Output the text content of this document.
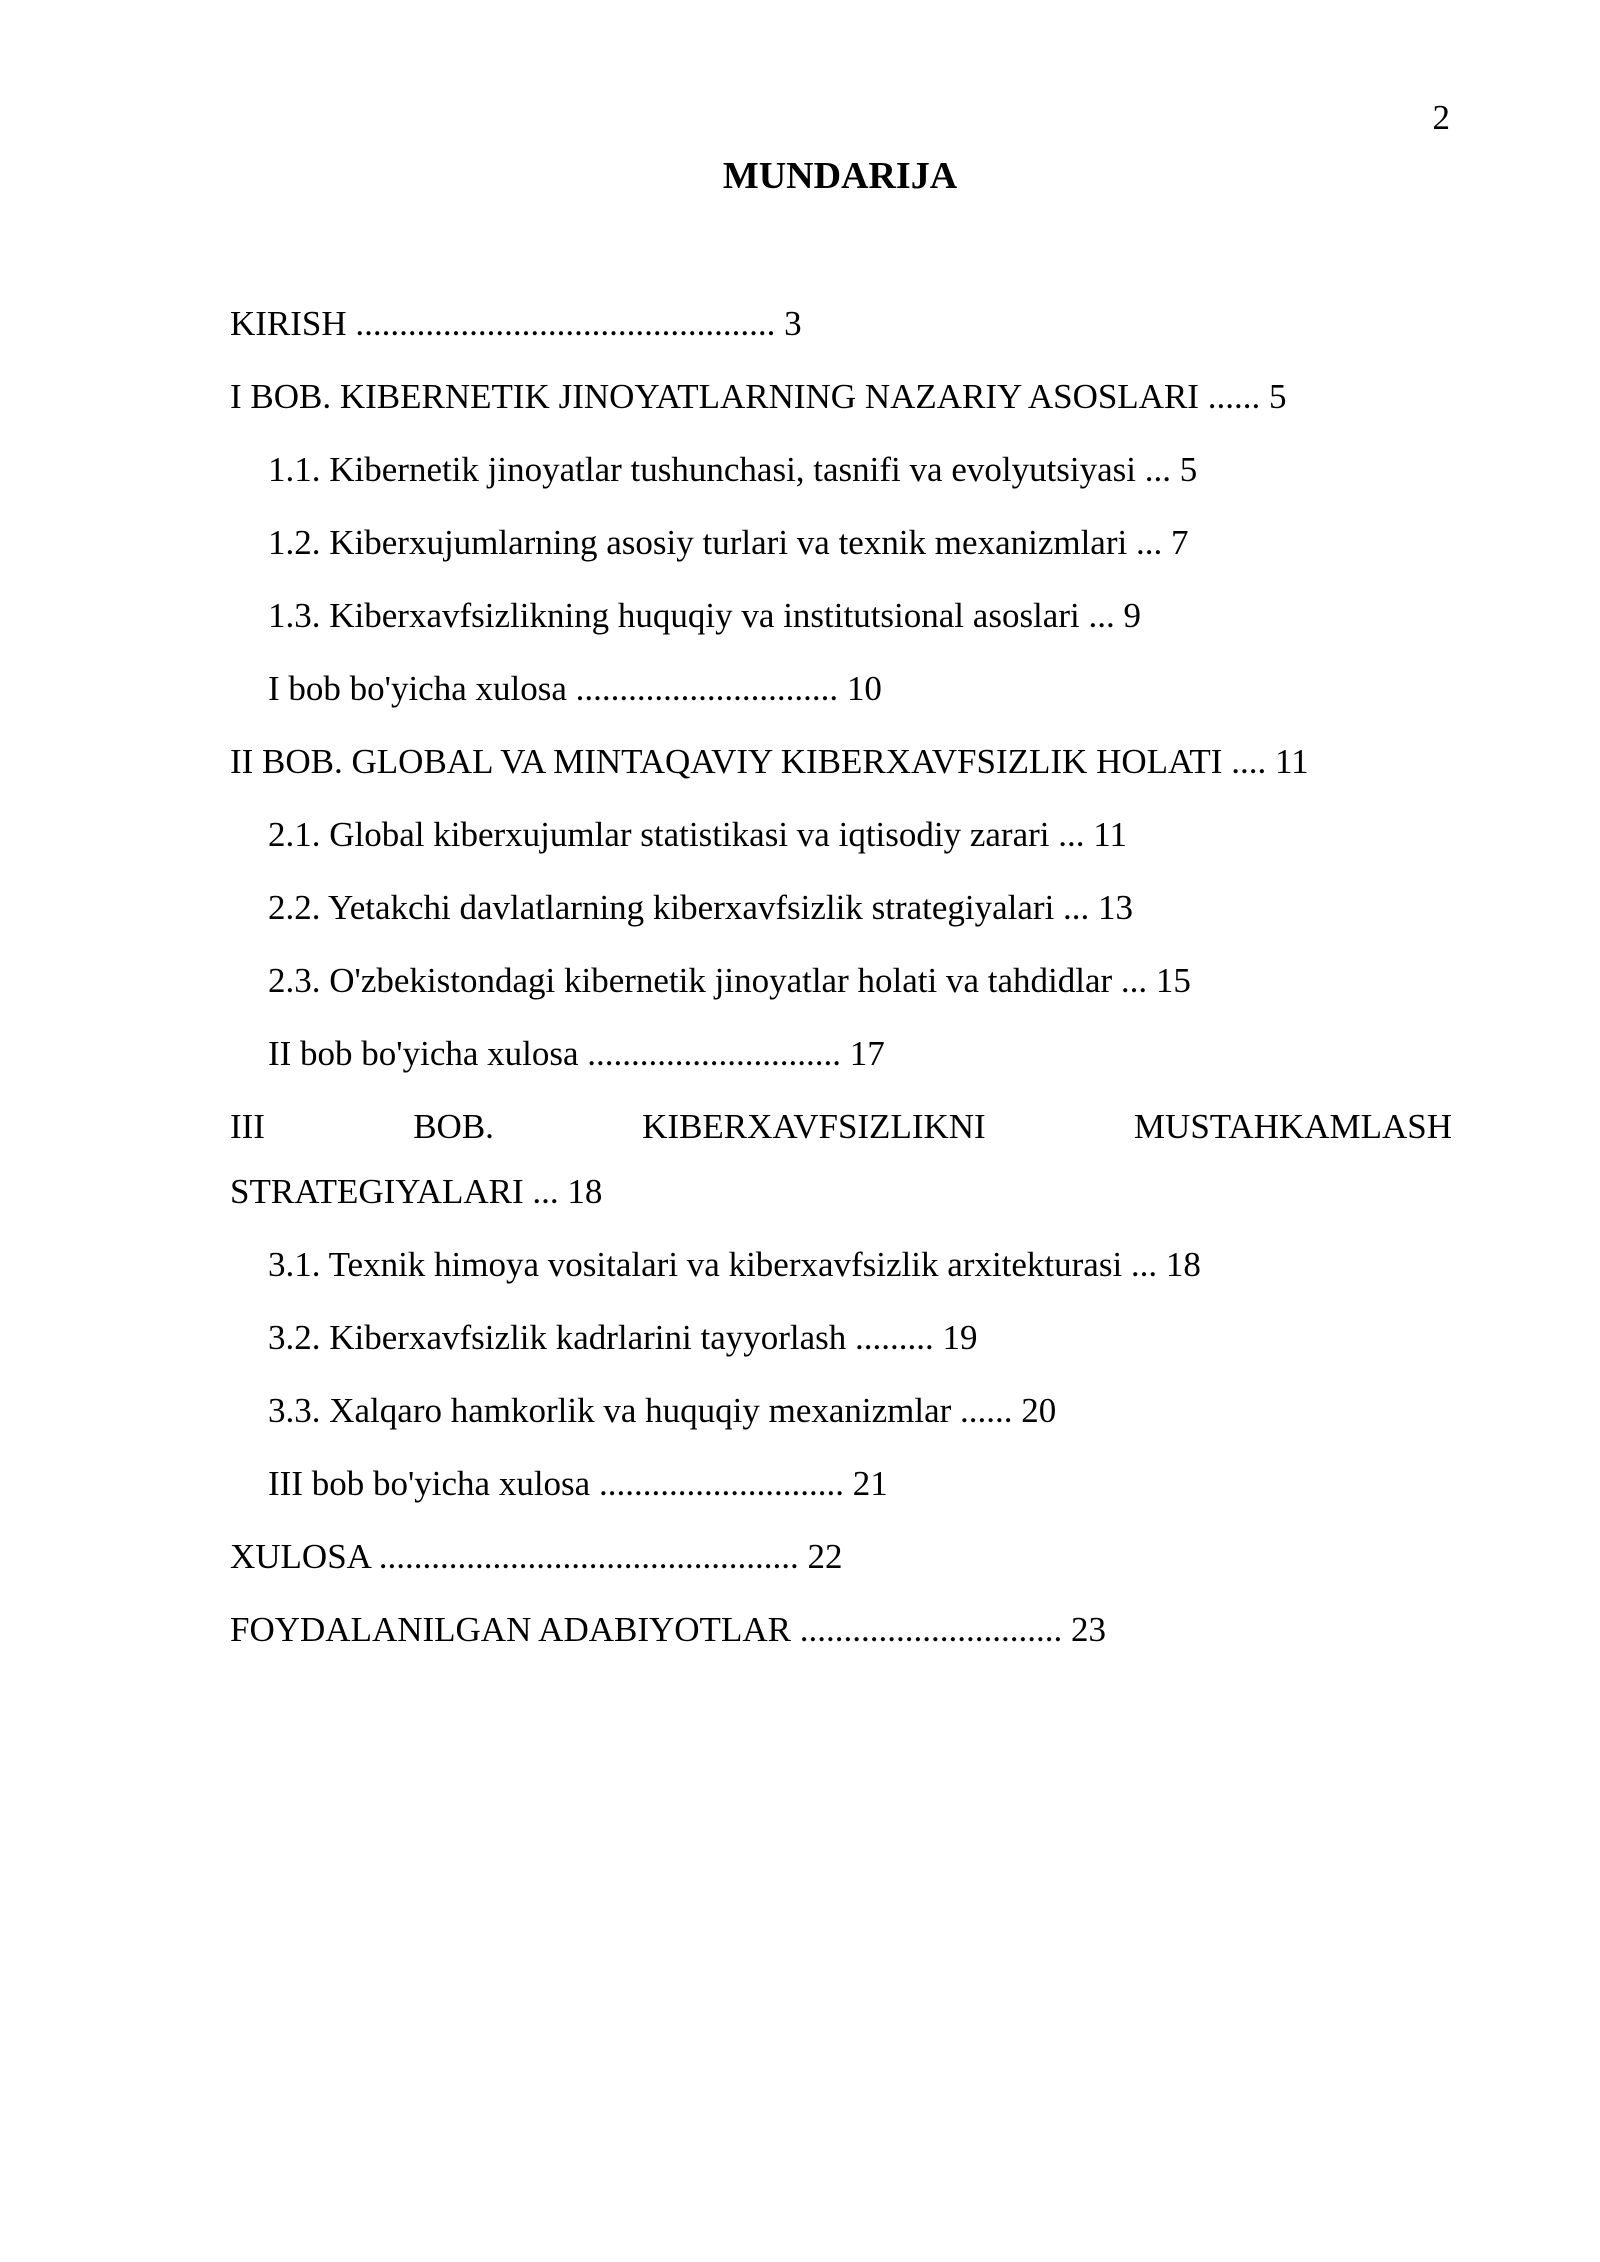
2
MUNDARIJA
KIRISH ................................................ 3
I BOB. KIBERNETIK JINOYATLARNING NAZARIY ASOSLARI ...... 5
1.1. Kibernetik jinoyatlar tushunchasi, tasnifi va evolyutsiyasi ... 5
1.2. Kiberxujumlarning asosiy turlari va texnik mexanizmlari ... 7
1.3. Kiberxavfsizlikning huquqiy va institutsional asoslari ... 9
I bob bo'yicha xulosa .............................. 10
II BOB. GLOBAL VA MINTAQAVIY KIBERXAVFSIZLIK HOLATI .... 11
2.1. Global kiberxujumlar statistikasi va iqtisodiy zarari ... 11
2.2. Yetakchi davlatlarning kiberxavfsizlik strategiyalari ... 13
2.3. O'zbekistondagi kibernetik jinoyatlar holati va tahdidlar ... 15
II bob bo'yicha xulosa ............................. 17
III	BOB.	KIBERXAVFSIZLIKNI	MUSTAHKAMLASH
STRATEGIYALARI ... 18
3.1. Texnik himoya vositalari va kiberxavfsizlik arxitekturasi ... 18
3.2. Kiberxavfsizlik kadrlarini tayyorlash ......... 19
3.3. Xalqaro hamkorlik va huquqiy mexanizmlar ...... 20
III bob bo'yicha xulosa ............................ 21
XULOSA ................................................ 22
FOYDALANILGAN ADABIYOTLAR .............................. 23
